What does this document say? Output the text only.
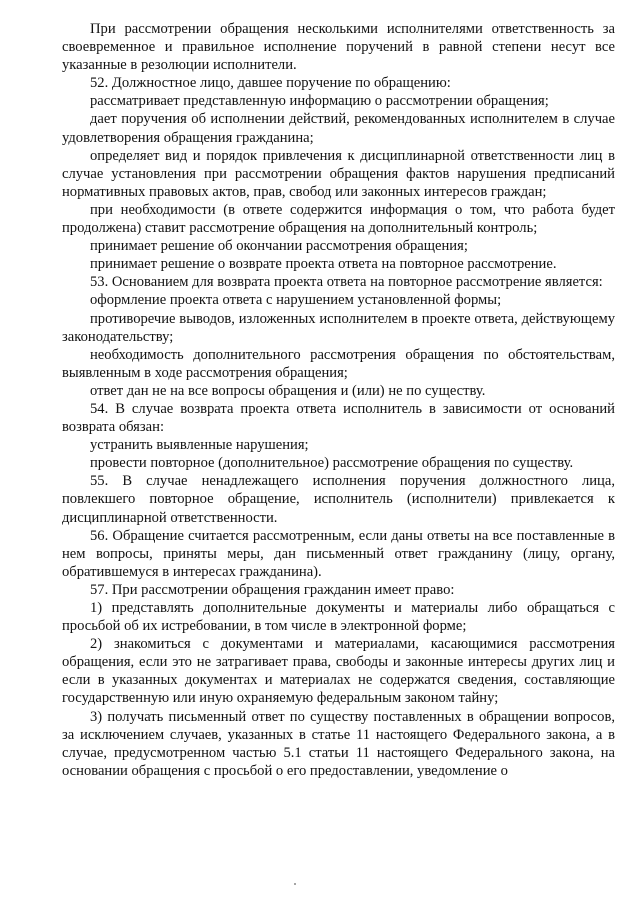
При рассмотрении обращения несколькими исполнителями ответственность за своевременное и правильное исполнение поручений в равной степени несут все указанные в резолюции исполнители.

52. Должностное лицо, давшее поручение по обращению:

рассматривает представленную информацию о рассмотрении обращения;

дает поручения об исполнении действий, рекомендованных исполнителем в случае удовлетворения обращения гражданина;

определяет вид и порядок привлечения к дисциплинарной ответственности лиц в случае установления при рассмотрении обращения фактов нарушения предписаний нормативных правовых актов, прав, свобод или законных интересов граждан;

при необходимости (в ответе содержится информация о том, что работа будет продолжена) ставит рассмотрение обращения на дополнительный контроль;

принимает решение об окончании рассмотрения обращения;

принимает решение о возврате проекта ответа на повторное рассмотрение.

53. Основанием для возврата проекта ответа на повторное рассмотрение является:

оформление проекта ответа с нарушением установленной формы;

противоречие выводов, изложенных исполнителем в проекте ответа, действующему законодательству;

необходимость дополнительного рассмотрения обращения по обстоятельствам, выявленным в ходе рассмотрения обращения;

ответ дан не на все вопросы обращения и (или) не по существу.

54. В случае возврата проекта ответа исполнитель в зависимости от оснований возврата обязан:

устранить выявленные нарушения;

провести повторное (дополнительное) рассмотрение обращения по существу.

55. В случае ненадлежащего исполнения поручения должностного лица, повлекшего повторное обращение, исполнитель (исполнители) привлекается к дисциплинарной ответственности.

56. Обращение считается рассмотренным, если даны ответы на все поставленные в нем вопросы, приняты меры, дан письменный ответ гражданину (лицу, органу, обратившемуся в интересах гражданина).

57. При рассмотрении обращения гражданин имеет право:

1) представлять дополнительные документы и материалы либо обращаться с просьбой об их истребовании, в том числе в электронной форме;

2) знакомиться с документами и материалами, касающимися рассмотрения обращения, если это не затрагивает права, свободы и законные интересы других лиц и если в указанных документах и материалах не содержатся сведения, составляющие государственную или иную охраняемую федеральным законом тайну;

3) получать письменный ответ по существу поставленных в обращении вопросов, за исключением случаев, указанных в статье 11 настоящего Федерального закона, а в случае, предусмотренном частью 5.1 статьи 11 настоящего Федерального закона, на основании обращения с просьбой о его предоставлении, уведомление о
